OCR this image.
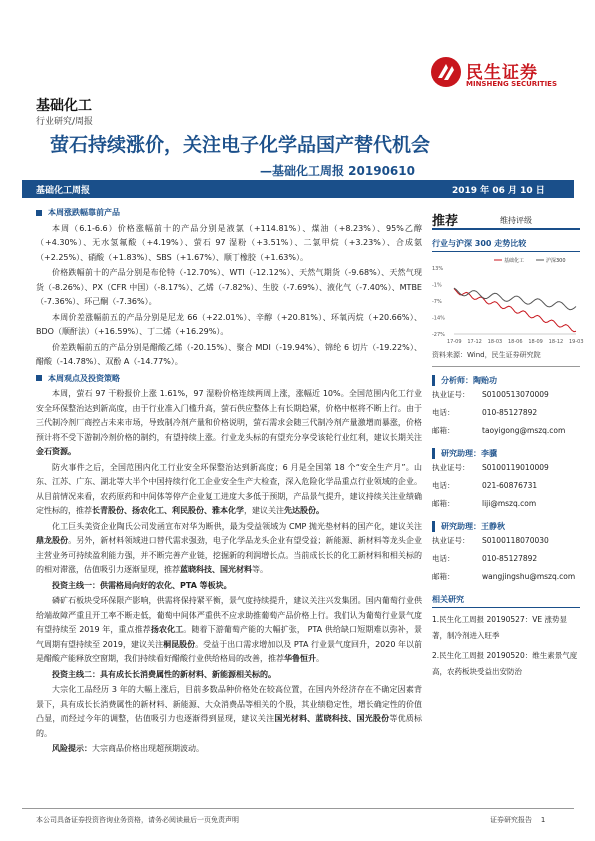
民生证券
MINSHENG SECURITIES
基础化工
行业研究/周报
萤石持续涨价，关注电子化学品国产替代机会
—基础化工周报 20190610
基础化工周报	2019 年 06 月 10 日
本周涨跌幅靠前产品

本周（6.1-6.6）价格涨幅前十的产品分别是液氯（+114.81%）、煤油（+8.23%）、95%乙醇（+4.30%）、无水氢氟酸（+4.19%）、萤石 97 湿粉（+3.51%）、二氯甲烷（+3.23%）、合成氨（+2.25%）、硝酸（+1.83%）、SBS（+1.67%）、顺丁橡胶（+1.63%）。

价格跌幅前十的产品分别是布伦特（-12.70%）、WTI（-12.12%）、天然气期货（-9.68%）、天然气现货（-8.26%）、PX（CFR 中国）（-8.17%）、乙烯（-7.82%）、生胶（-7.69%）、液化气（-7.40%）、MTBE（-7.36%）、环己酮（-7.36%）。

本周价差涨幅前五的产品分别是尼龙 66（+22.01%）、辛醇（+20.81%）、环氧丙烷（+20.66%）、BDO（顺酐法）（+16.59%）、丁二烯（+16.29%）。

价差跌幅前五的产品分别是醋酸乙烯（-20.15%）、聚合 MDI（-19.94%）、锦纶 6 切片（-19.22%）、醋酸（-14.78%）、双酚 A（-14.77%）。

本周观点及投资策略

本周，萤石 97 干粉报价上涨 1.61%，97 湿粉价格连续两周上涨，涨幅近 10%。全国范围内化工行业安全环保整治达到新高度，由于行业准入门槛升高，萤石供应整体上有长期趋紧，价格中枢将不断上行。由于三代制冷剂厂商控占未来市场，导致制冷剂产量和价格说明，萤石需求会随三代制冷剂产量激增而暴涨，价格预计将不受下游制冷剂价格的制约，有望持续上涨。行业龙头标的有望充分享受该轮行业红利，建议长期关注金石资源。

防火事件之后，全国范围内化工行业安全环保整治达到新高度；6 月是全国第 18 个“安全生产月”。山东、江苏、广东、湖北等大半个中国持续行化工企业安全生产大检查，深入危险化学品重点行业领域的企业。从目前情况来看，农药原药和中间体等停产企业复工进度大多低于预期，产品景气提升，建议持续关注业绩确定性标的，推荐长青股份、扬农化工、利民股份、雅本化学，建议关注先达股份。

化工巨头美资企业陶氏公司发函宣布对华为断供，最为受益领域为 CMP 抛光垫材料的国产化，建议关注鼎龙股份。另外，新材料领域进口替代需求强劲，电子化学品龙头企业有望受益；新能源、新材料等龙头企业主营业务可持续盈利能力强，并不断完善产业链，挖掘新的利润增长点。当前成长长的化工新材料和相关标的的相对滞涨，估值吸引力逐渐显现，推荐蓝晓科技、国光材料等。

投资主线一：供需格局向好的农化、PTA 等板块。

磷矿石板块受环保限产影响，供需将保持紧平衡，景气度持续提升，建议关注兴发集团。国内葡萄行业供给端故障严重且开工率不断走低，葡萄中间体严重供不应求助推葡萄产品价格上行。我们认为葡萄行业景气度有望持续至 2019 年，重点推荐扬农化工。随着下游葡萄产能的大幅扩张， PTA 供给缺口短期难以弥补，景气周期有望持续至 2019，建议关注桐昆股份。受益于出口需求增加以及 PTA 行业景气度回升，2020 年以前是醋酸产能释放空窗期，我们持续看好醋酸行业供给格局的改善，推荐华鲁恒升。

投资主线二：具有成长长消费属性的新材料、新能源相关标的。

大宗化工品经历 3 年的大幅上涨后，目前多数品种价格处在较高位置，在国内外经济存在不确定因素背景下，具有成长长消费属性的新材料、新能源、大众消费品等相关的个股，其业绩稳定性，增长确定性的价值凸显，而经过今年的调整，估值吸引力也逐渐得到显现，建议关注国光材料、蓝晓科技、国光股份等优质标的。

风险提示：大宗商品价格出现超预期波动。

推荐	维持评级
行业与沪深 300 走势比较
基础化工	沪深300
13%
-1%
-7%
-14%
-27%
17-09 17-12 18-03 18-06 18-09 18-12 19-03
资料来源：Wind，民生证券研究院
分析师：陶贻功
执业证号：	S0100513070009
电话：	010-85127892
邮箱：	taoyigong@mszq.com
研究助理：李骥
执业证号：	S0100119010009
电话：	021-60876731
邮箱：	liji@mszq.com
研究助理：王静秋
执业证号：	S0100118070030
电话：	010-85127892
邮箱：	wangjingshu@mszq.com
相关研究
1.民生化工周报 20190527：VE 涨势显著，制冷剂进入旺季
2.民生化工周报 20190520：维生素景气度高，农药板块受益出安防治
本公司具备证券投资咨询业务资格，请务必阅读最后一页免责声明	证券研究报告 1
